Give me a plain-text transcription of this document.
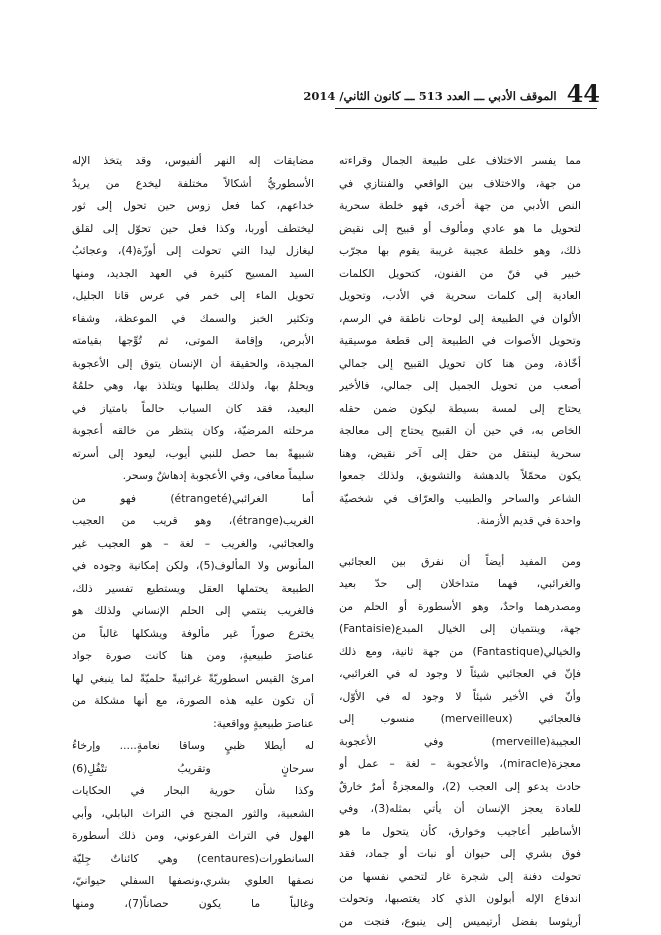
44
الموقف الأدبي ـــ العدد 513 ـــ كانون الثاني/ 2014
مما يفسر الاختلاف على طبيعة الجمال وقراءته
من جهة، والاختلاف بين الواقعي والفنتازي في
النص الأدبي من جهة أخرى، فهو خلطة سحرية
لتحويل ما هو عادي ومألوف أو قبيح إلى نقيض
ذلك، وهو خلطة عجيبة غريبة يقوم بها مجرّب
خبير في فنّ من الفنون، كتحويل الكلمات
العادية إلى كلمات سحرية في الأدب، وتحويل
الألوان في الطبيعة إلى لوحات ناطقة في الرسم،
وتحويل الأصوات في الطبيعة إلى قطعة موسيقية
أخّاذة، ومن هنا كان تحويل القبيح إلى جمالي
أصعب من تحويل الجميل إلى جمالي، فالأخير
يحتاج إلى لمسة بسيطة ليكون ضمن حقله
الخاص به، في حين أن القبيح يحتاج إلى معالجة
سحرية لينتقل من حقل إلى آخر نقيض، وهنا
يكون محمّلاً بالدهشة والتشويق، ولذلك جمعوا
الشاعر والساحر والطبيب والعرّاف في شخصيّة
واحدة في قديم الأزمنة.
ومن المفيد أيضاً أن نفرق بين العجائبي
والغرائبي، فهما متداخلان إلى حدّ بعيد
ومصدرهما واحدٌ، وهو الأسطورة أو الحلم من
جهة، وينتميان إلى الخيال المبدع(Fantaisie)
والخيالي(Fantastique) من جهة ثانية، ومع ذلك
فإنّ في العجائبي شيئاً لا وجود له في الغرائبي،
وأنّ في الأخير شيئاً لا وجود له في الأوّل،
فالعجائبي (merveilleux) منسوب إلى
العجيبة(merveille) وفي الأعجوبة
معجزة(miracle)، والأعجوبة – لغة – عمل أو
حادث يدعو إلى العجب (2)، والمعجزةُ أمرٌ خارقٌ
للعادة يعجز الإنسان أن يأتي بمثله(3)، وفي
الأساطير أعاجيب وخوارق، كأن يتحول ما هو
فوق بشري إلى حيوان أو نبات أو جماد، فقد
تحولت دفنة إلى شجرة غار لتحمي نفسها من
اندفاع الإله أبولون الذي كاد يغتصبها، وتحولت
أريثوسا بفضل أرتيميس إلى ينبوع، فنجت من
مضايقات إله النهر ألفيوس، وقد يتخذ الإله
الأسطوريُّ أشكالاً مختلفة ليخدع من يريدُ
خداعهم، كما فعل زوس حين تحول إلى ثور
ليختطف أوربا، وكذا فعل حين تحوّل إلى لقلق
ليغازل ليدا التي تحولت إلى أوزّة(4)، وعجائبُ
السيد المسيح كثيرة في العهد الجديد، ومنها
تحويل الماء إلى خمر في عرس قانا الجليل،
وتكثير الخبز والسمك في الموعظة، وشفاء
الأبرص، وإقامة الموتى، ثم تُوِّجها بقيامته
المجيدة، والحقيقة أن الإنسان يتوق إلى الأعجوبة
ويحلمُ بها، ولذلك يطلبها ويتلذذ بها، وهي حلمُهُ
البعيد، فقد كان السياب حالماً بامتياز في
مرحلته المرضيّة، وكان ينتظر من خالقه أعجوبة
شبيهةً بما حصل للنبي أيوب، ليعود إلى أسرته
سليماً معافى، وفي الأعجوبة إدهاشٌ وسحر.
أما الغرائبي(étrangeté) فهو من
الغريب(étrange)، وهو قريب من العجيب
والعجائبي، والغريب – لغة – هو العجيب غير
المأنوس ولا المألوف(5)، ولكن إمكانية وجوده في
الطبيعة يحتملها العقل ويستطيع تفسير ذلك،
فالغريب ينتمي إلى الحلم الإنساني ولذلك هو
يخترع صوراً غير مألوفة ويشكلها غالباً من
عناصرَ طبيعيةٍ، ومن هنا كانت صورة جواد
امرئ القيس اسطوريّةً غرائبيةً حلميّةً لما ينبغي لها
أن تكون عليه هذه الصورة، مع أنها مشكلة من
عناصرَ طبيعيةٍ وواقعية:
له أيطلا ظبيٍ وساقا نعامةٍ..... وإرخاءُ
سرحانٍ وتقريبُ تتْفُلِ(6)
وكذا شأن حورية البحار في الحكايات
الشعبية، والثور المجنح في التراث البابلي، وأبي
الهول في التراث الفرعوني، ومن ذلك أسطورة
السانطورات(centaures) وهي كائناتٌ جِليّة
نصفها العلوي بشري،ونصفها السفلي حيوانيّ،
وغالباً ما يكون حصاناً(7)، ومنها
